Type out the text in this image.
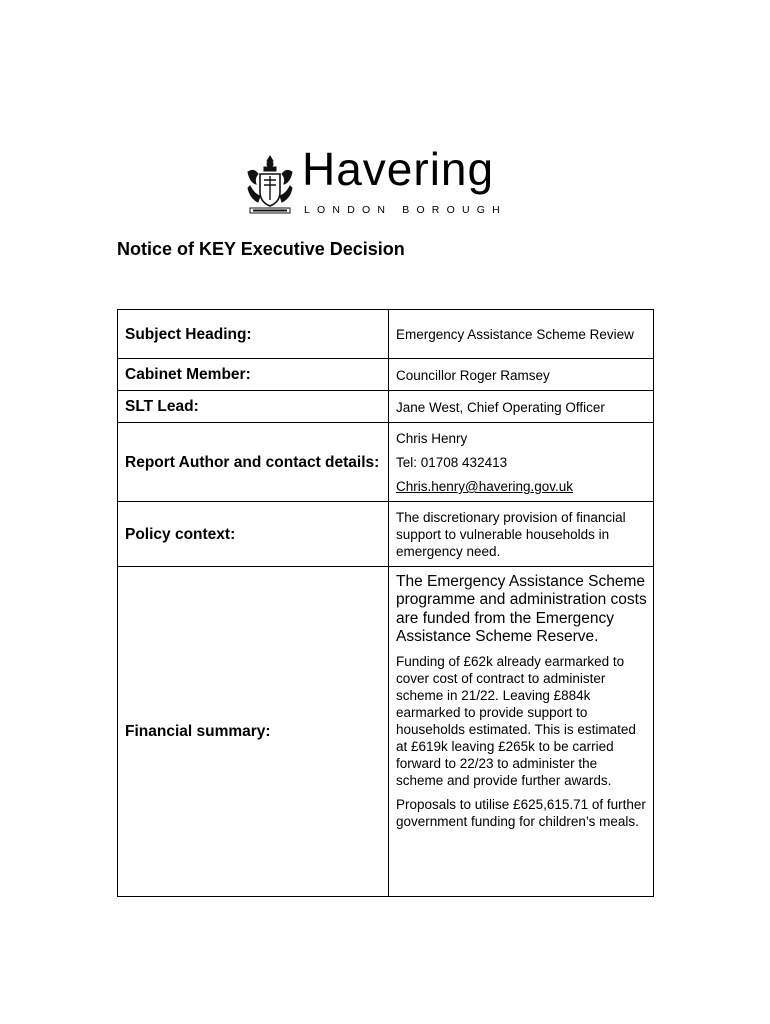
Havering
LONDON BOROUGH
Notice of KEY Executive Decision
Subject Heading:	Emergency Assistance Scheme Review
Cabinet Member:	Councillor Roger Ramsey
SLT Lead:	Jane West, Chief Operating Officer
Report Author and contact details:	Chris Henry

Tel: 01708 432413

Chris.henry@havering.gov.uk

Policy context:	The discretionary provision of financial support to vulnerable households in emergency need.
Financial summary:	The Emergency Assistance Scheme programme and administration costs are funded from the Emergency Assistance Scheme Reserve.

Funding of £62k already earmarked to cover cost of contract to administer scheme in 21/22. Leaving £884k earmarked to provide support to households estimated. This is estimated at £619k leaving £265k to be carried forward to 22/23 to administer the scheme and provide further awards.

Proposals to utilise £625,615.71 of further government funding for children’s meals.
